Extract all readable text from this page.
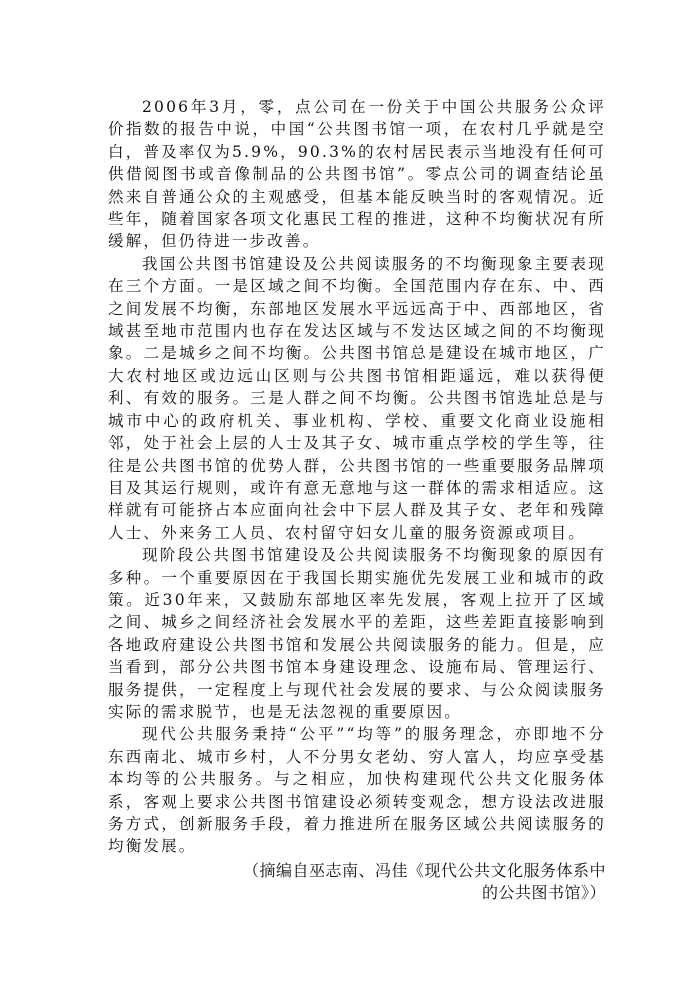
2006年3月，零，点公司在一份关于中国公共服务公众评价指数的报告中说，中国“公共图书馆一项，在农村几乎就是空白，普及率仅为5.9%，90.3%的农村居民表示当地没有任何可供借阅图书或音像制品的公共图书馆”。零点公司的调查结论虽然来自普通公众的主观感受，但基本能反映当时的客观情况。近些年，随着国家各项文化惠民工程的推进，这种不均衡状况有所缓解，但仍待进一步改善。

我国公共图书馆建设及公共阅读服务的不均衡现象主要表现在三个方面。一是区域之间不均衡。全国范围内存在东、中、西之间发展不均衡，东部地区发展水平远远高于中、西部地区，省域甚至地市范围内也存在发达区域与不发达区域之间的不均衡现象。二是城乡之间不均衡。公共图书馆总是建设在城市地区，广大农村地区或边远山区则与公共图书馆相距遥远，难以获得便利、有效的服务。三是人群之间不均衡。公共图书馆选址总是与城市中心的政府机关、事业机构、学校、重要文化商业设施相邻，处于社会上层的人士及其子女、城市重点学校的学生等，往往是公共图书馆的优势人群，公共图书馆的一些重要服务品牌项目及其运行规则，或许有意无意地与这一群体的需求相适应。这样就有可能挤占本应面向社会中下层人群及其子女、老年和残障人士、外来务工人员、农村留守妇女儿童的服务资源或项目。

现阶段公共图书馆建设及公共阅读服务不均衡现象的原因有多种。一个重要原因在于我国长期实施优先发展工业和城市的政策。近30年来，又鼓励东部地区率先发展，客观上拉开了区域之间、城乡之间经济社会发展水平的差距，这些差距直接影响到各地政府建设公共图书馆和发展公共阅读服务的能力。但是，应当看到，部分公共图书馆本身建设理念、设施布局、管理运行、服务提供，一定程度上与现代社会发展的要求、与公众阅读服务实际的需求脱节，也是无法忽视的重要原因。

现代公共服务秉持“公平”“均等”的服务理念，亦即地不分东西南北、城市乡村，人不分男女老幼、穷人富人，均应享受基本均等的公共服务。与之相应，加快构建现代公共文化服务体系，客观上要求公共图书馆建设必须转变观念，想方设法改进服务方式，创新服务手段，着力推进所在服务区域公共阅读服务的均衡发展。

（摘编自巫志南、冯佳《现代公共文化服务体系中
的公共图书馆》）
